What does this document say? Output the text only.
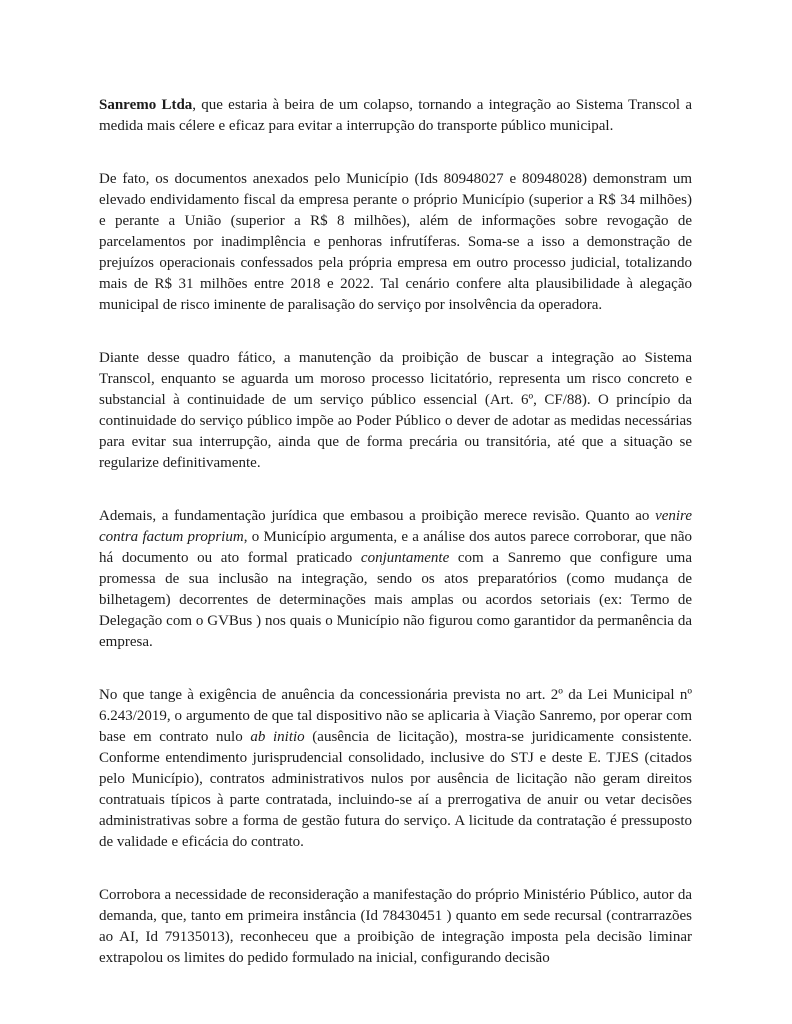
Sanremo Ltda, que estaria à beira de um colapso, tornando a integração ao Sistema Transcol a medida mais célere e eficaz para evitar a interrupção do transporte público municipal.

De fato, os documentos anexados pelo Município (Ids 80948027 e 80948028) demonstram um elevado endividamento fiscal da empresa perante o próprio Município (superior a R$ 34 milhões) e perante a União (superior a R$ 8 milhões), além de informações sobre revogação de parcelamentos por inadimplência e penhoras infrutíferas. Soma-se a isso a demonstração de prejuízos operacionais confessados pela própria empresa em outro processo judicial, totalizando mais de R$ 31 milhões entre 2018 e 2022. Tal cenário confere alta plausibilidade à alegação municipal de risco iminente de paralisação do serviço por insolvência da operadora.

Diante desse quadro fático, a manutenção da proibição de buscar a integração ao Sistema Transcol, enquanto se aguarda um moroso processo licitatório, representa um risco concreto e substancial à continuidade de um serviço público essencial (Art. 6º, CF/88). O princípio da continuidade do serviço público impõe ao Poder Público o dever de adotar as medidas necessárias para evitar sua interrupção, ainda que de forma precária ou transitória, até que a situação se regularize definitivamente.

Ademais, a fundamentação jurídica que embasou a proibição merece revisão. Quanto ao venire contra factum proprium, o Município argumenta, e a análise dos autos parece corroborar, que não há documento ou ato formal praticado conjuntamente com a Sanremo que configure uma promessa de sua inclusão na integração, sendo os atos preparatórios (como mudança de bilhetagem) decorrentes de determinações mais amplas ou acordos setoriais (ex: Termo de Delegação com o GVBus ) nos quais o Município não figurou como garantidor da permanência da empresa.

No que tange à exigência de anuência da concessionária prevista no art. 2º da Lei Municipal nº 6.243/2019, o argumento de que tal dispositivo não se aplicaria à Viação Sanremo, por operar com base em contrato nulo ab initio (ausência de licitação), mostra-se juridicamente consistente. Conforme entendimento jurisprudencial consolidado, inclusive do STJ e deste E. TJES (citados pelo Município), contratos administrativos nulos por ausência de licitação não geram direitos contratuais típicos à parte contratada, incluindo-se aí a prerrogativa de anuir ou vetar decisões administrativas sobre a forma de gestão futura do serviço. A licitude da contratação é pressuposto de validade e eficácia do contrato.

Corrobora a necessidade de reconsideração a manifestação do próprio Ministério Público, autor da demanda, que, tanto em primeira instância (Id 78430451 ) quanto em sede recursal (contrarrazões ao AI, Id 79135013), reconheceu que a proibição de integração imposta pela decisão liminar extrapolou os limites do pedido formulado na inicial, configurando decisão
